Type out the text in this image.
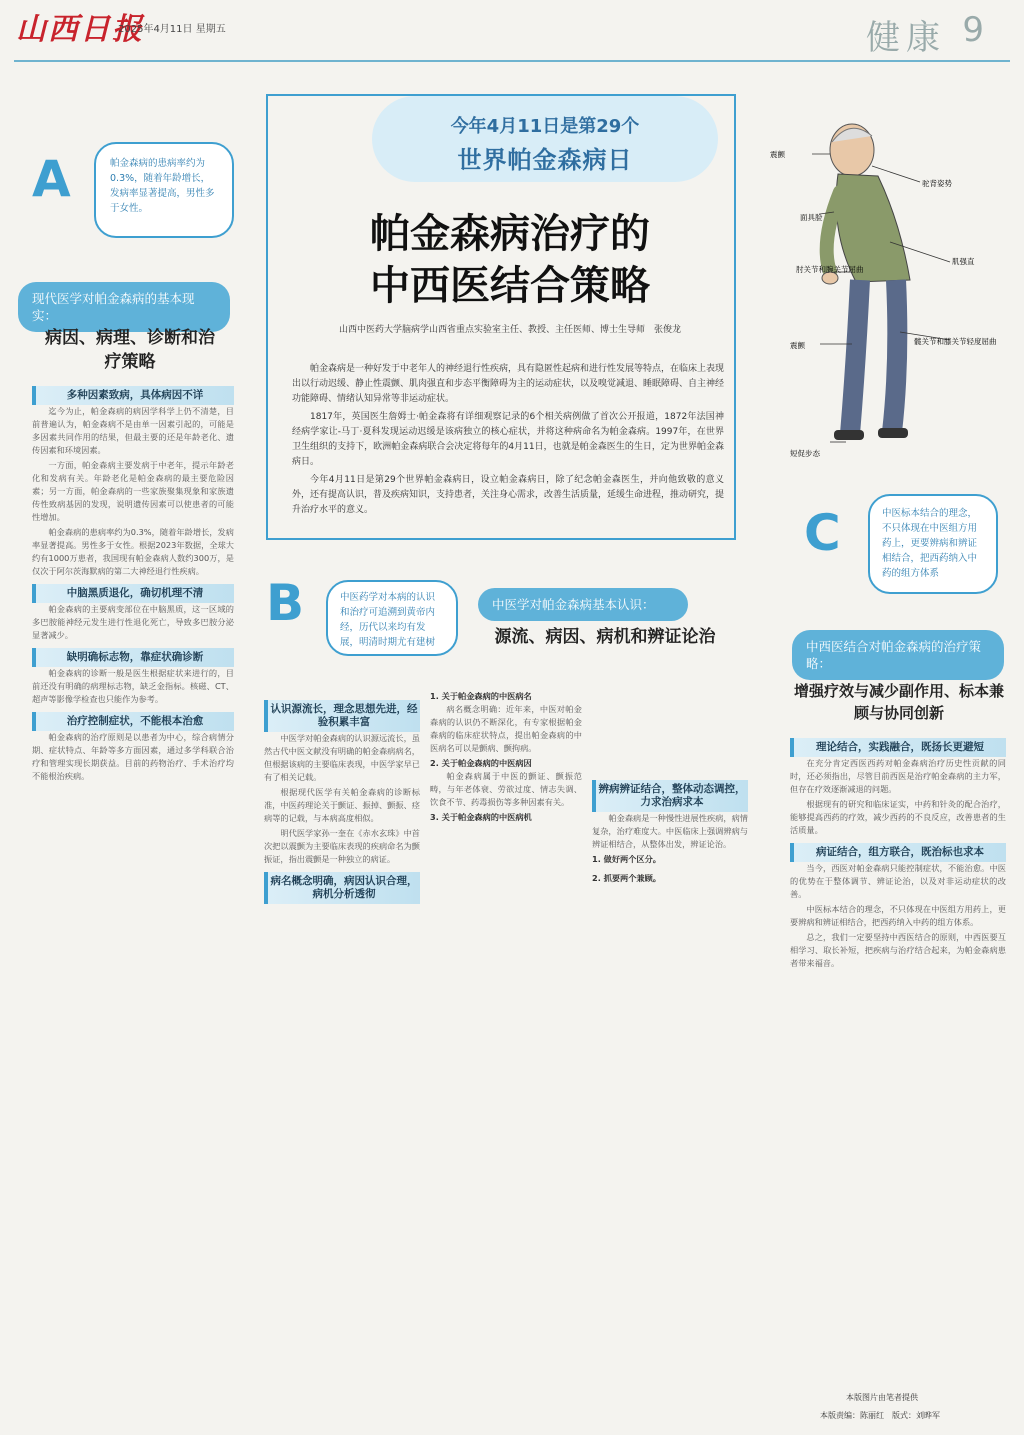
山西日报
2025年4月11日 星期五	健康 9
今年4月11日是第29个
世界帕金森病日
帕金森病治疗的
中西医结合策略
山西中医药大学脑病学山西省重点实验室主任、教授、主任医师、博士生导师　张俊龙

帕金森病是一种好发于中老年人的神经退行性疾病，具有隐匿性起病和进行性发展等特点，在临床上表现出以行动迟缓、静止性震颤、肌肉强直和步态平衡障碍为主的运动症状，以及嗅觉减退、睡眠障碍、自主神经功能障碍、情绪认知异常等非运动症状。

1817年，英国医生詹姆士·帕金森将有详细观察记录的6个相关病例做了首次公开报道，1872年法国神经病学家让-马丁·夏科发现运动迟缓是该病独立的核心症状，并将这种病命名为帕金森病。1997年，在世界卫生组织的支持下，欧洲帕金森病联合会决定将每年的4月11日，也就是帕金森医生的生日，定为世界帕金森病日。

今年4月11日是第29个世界帕金森病日，设立帕金森病日，除了纪念帕金森医生，并向他致敬的意义外，还有提高认识，普及疾病知识，支持患者，关注身心需求，改善生活质量，延缓生命进程，推动研究，提升治疗水平的意义。

震颤
面具脸
驼背姿势
肘关节和腕关节屈曲
肌强直
髋关节和膝关节轻度屈曲
震颤
短促步态
A	帕金森病的患病率约为0.3%，随着年龄增长，发病率显著提高，男性多于女性。
现代医学对帕金森病的基本现实：
病因、病理、诊断和治疗策略
多种因素致病，具体病因不详

迄今为止，帕金森病的病因学科学上仍不清楚，目前普遍认为，帕金森病不是由单一因素引起的，可能是多因素共同作用的结果，但最主要的还是年龄老化、遗传因素和环境因素。

一方面，帕金森病主要发病于中老年，提示年龄老化和发病有关。年龄老化是帕金森病的最主要危险因素；另一方面，帕金森病的一些家族聚集现象和家族遗传性致病基因的发现，说明遗传因素可以使患者的可能性增加。

帕金森病的患病率约为0.3%，随着年龄增长，发病率显著提高。男性多于女性。根据2023年数据，全球大约有1000万患者，我国现有帕金森病人数约300万，是仅次于阿尔茨海默病的第二大神经退行性疾病。

中脑黑质退化，确切机理不清

帕金森病的主要病变部位在中脑黑质，这一区域的多巴胺能神经元发生进行性退化死亡，导致多巴胺分泌显著减少。

缺明确标志物，靠症状确诊断

帕金森病的诊断一般是医生根据症状来进行的，目前还没有明确的病理标志物，缺乏金指标。核磁、CT、超声等影像学检查也只能作为参考。

治疗控制症状，不能根本治愈

帕金森病的治疗原则是以患者为中心，综合病情分期、症状特点、年龄等多方面因素，通过多学科联合治疗和管理实现长期获益。目前的药物治疗、手术治疗均不能根治疾病。

B	中医药学对本病的认识和治疗可追溯到黄帝内经，历代以来均有发展，明清时期尤有建树
中医学对帕金森病基本认识：
源流、病因、病机和辨证论治
认识源流长，理念思想先进，经验积累丰富

中医学对帕金森病的认识源远流长，虽然古代中医文献没有明确的帕金森病病名，但根据该病的主要临床表现，中医学家早已有了相关记载。

根据现代医学有关帕金森病的诊断标准，中医药理论关于颤证、振掉、颤振、痉病等的记载，与本病高度相似。

明代医学家孙一奎在《赤水玄珠》中首次把以震颤为主要临床表现的疾病命名为颤振证，指出震颤是一种独立的病证。

病名概念明确，病因认识合理，病机分析透彻
1. 关于帕金森病的中医病名

病名概念明确：近年来，中医对帕金森病的认识仍不断深化，有专家根据帕金森病的临床症状特点，提出帕金森病的中医病名可以是颤病、颤拘病。

2. 关于帕金森病的中医病因

帕金森病属于中医的颤证、颤振范畴，与年老体衰、劳欲过度、情志失调、饮食不节、药毒损伤等多种因素有关。

3. 关于帕金森病的中医病机
辨病辨证结合，整体动态调控，力求治病求本

帕金森病是一种慢性进展性疾病，病情复杂，治疗难度大。中医临床上强调辨病与辨证相结合，从整体出发，辨证论治。

1. 做好两个区分。
2. 抓要两个兼顾。
C	中医标本结合的理念，不只体现在中医组方用药上，更要辨病和辨证相结合，把西药纳入中药的组方体系
中西医结合对帕金森病的治疗策略：
增强疗效与减少副作用、标本兼顾与协同创新
理论结合，实践融合，既扬长更避短

在充分肯定西医西药对帕金森病治疗历史性贡献的同时，还必须指出，尽管目前西医是治疗帕金森病的主力军，但存在疗效逐渐减退的问题。

根据现有的研究和临床证实，中药和针灸的配合治疗，能够提高西药的疗效，减少西药的不良反应，改善患者的生活质量。

病证结合，组方联合，既治标也求本

当今，西医对帕金森病只能控制症状，不能治愈。中医的优势在于整体调节、辨证论治，以及对非运动症状的改善。

中医标本结合的理念，不只体现在中医组方用药上，更要辨病和辨证相结合，把西药纳入中药的组方体系。

总之，我们一定要坚持中西医结合的原则，中西医要互相学习、取长补短，把疾病与治疗结合起来，为帕金森病患者带来福音。

本版图片由笔者提供
本版责编：陈丽红　版式：刘晔军
